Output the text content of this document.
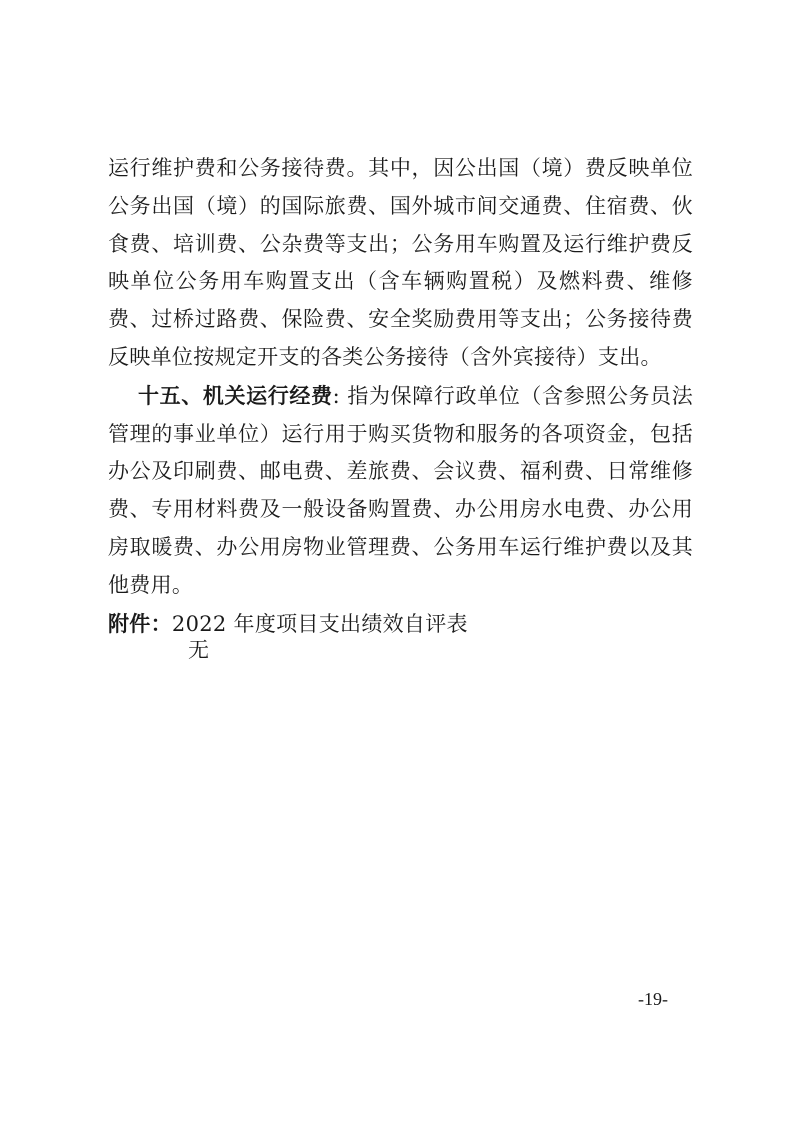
运行维护费和公务接待费。其中，因公出国（境）费反映单位公务出国（境）的国际旅费、国外城市间交通费、住宿费、伙食费、培训费、公杂费等支出；公务用车购置及运行维护费反映单位公务用车购置支出（含车辆购置税）及燃料费、维修费、过桥过路费、保险费、安全奖励费用等支出；公务接待费反映单位按规定开支的各类公务接待（含外宾接待）支出。

十五、机关运行经费: 指为保障行政单位（含参照公务员法管理的事业单位）运行用于购买货物和服务的各项资金，包括办公及印刷费、邮电费、差旅费、会议费、福利费、日常维修费、专用材料费及一般设备购置费、办公用房水电费、办公用房取暖费、办公用房物业管理费、公务用车运行维护费以及其他费用。

附件：2022 年度项目支出绩效自评表

无
-19-
